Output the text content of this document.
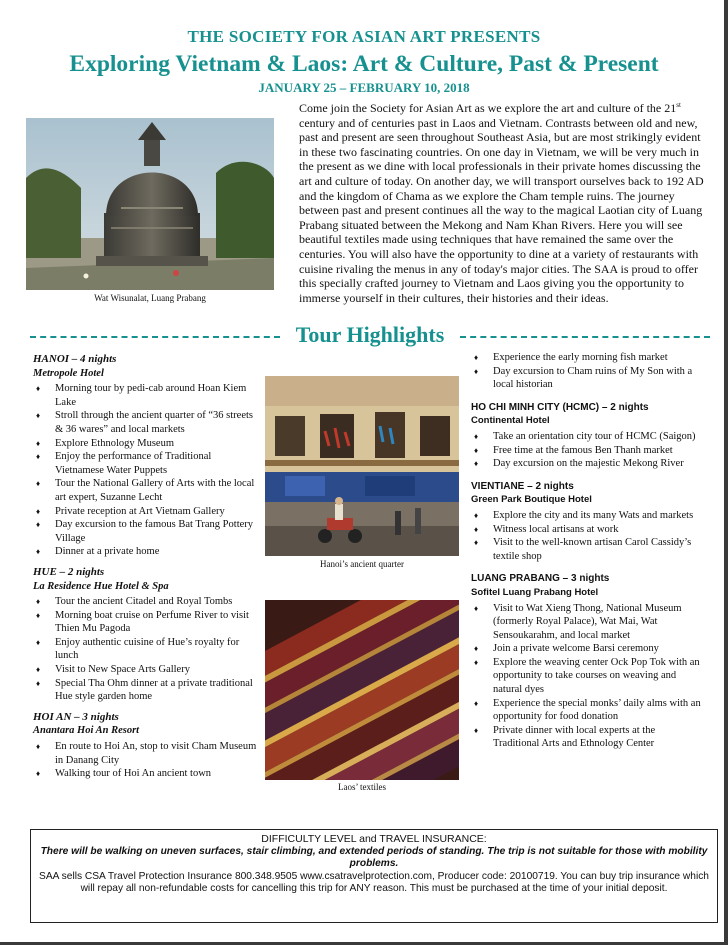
THE SOCIETY FOR ASIAN ART PRESENTS
Exploring Vietnam & Laos: Art & Culture, Past & Present
JANUARY 25 – FEBRUARY 10, 2018
Wat Wisunalat, Luang Prabang

Come join the Society for Asian Art as we explore the art and culture of the 21st century and of centuries past in Laos and Vietnam. Contrasts between old and new, past and present are seen throughout Southeast Asia, but are most strikingly evident in these two fascinating countries. On one day in Vietnam, we will be very much in the present as we dine with local professionals in their private homes discussing the art and culture of today. On another day, we will transport ourselves back to 192 AD and the kingdom of Chama as we explore the Cham temple ruins. The journey between past and present continues all the way to the magical Laotian city of Luang Prabang situated between the Mekong and Nam Khan Rivers. Here you will see beautiful textiles made using techniques that have remained the same over the centuries. You will also have the opportunity to dine at a variety of restaurants with cuisine rivaling the menus in any of today's major cities. The SAA is proud to offer this specially crafted journey to Vietnam and Laos giving you the opportunity to immerse yourself in their cultures, their histories and their ideas.

Tour Highlights
HANOI – 4 nights
Metropole Hotel
♦ Morning tour by pedi-cab around Hoan Kiem Lake
♦ Stroll through the ancient quarter of “36 streets & 36 wares” and local markets
♦ Explore Ethnology Museum
♦ Enjoy the performance of Traditional Vietnamese Water Puppets
♦ Tour the National Gallery of Arts with the local art expert, Suzanne Lecht
♦ Private reception at Art Vietnam Gallery
♦ Day excursion to the famous Bat Trang Pottery Village
♦ Dinner at a private home
HUE – 2 nights
La Residence Hue Hotel & Spa
♦ Tour the ancient Citadel and Royal Tombs
♦ Morning boat cruise on Perfume River to visit Thien Mu Pagoda
♦ Enjoy authentic cuisine of Hue’s royalty for lunch
♦ Visit to New Space Arts Gallery
♦ Special Tha Ohm dinner at a private traditional Hue style garden home
HOI AN – 3 nights
Anantara Hoi An Resort
♦ En route to Hoi An, stop to visit Cham Museum in Danang City
♦ Walking tour of Hoi An ancient town
Hanoi’s ancient quarter
Laos’ textiles
♦ Experience the early morning fish market
♦ Day excursion to Cham ruins of My Son with a local historian
HO CHI MINH CITY (HCMC) – 2 nights
Continental Hotel
♦ Take an orientation city tour of HCMC (Saigon)
♦ Free time at the famous Ben Thanh market
♦ Day excursion on the majestic Mekong River
VIENTIANE – 2 nights
Green Park Boutique Hotel
♦ Explore the city and its many Wats and markets
♦ Witness local artisans at work
♦ Visit to the well-known artisan Carol Cassidy’s textile shop
LUANG PRABANG – 3 nights
Sofitel Luang Prabang Hotel
♦ Visit to Wat Xieng Thong, National Museum (formerly Royal Palace), Wat Mai, Wat Sensoukarahm, and local market
♦ Join a private welcome Barsi ceremony
♦ Explore the weaving center Ock Pop Tok with an opportunity to take courses on weaving and natural dyes
♦ Experience the special monks’ daily alms with an opportunity for food donation
♦ Private dinner with local experts at the Traditional Arts and Ethnology Center
DIFFICULTY LEVEL and TRAVEL INSURANCE:
There will be walking on uneven surfaces, stair climbing, and extended periods of standing. The trip is not suitable for those with mobility problems.
SAA sells CSA Travel Protection Insurance 800.348.9505 www.csatravelprotection.com, Producer code: 20100719. You can buy trip insurance which will repay all non-refundable costs for cancelling this trip for ANY reason. This must be purchased at the time of your initial deposit.
